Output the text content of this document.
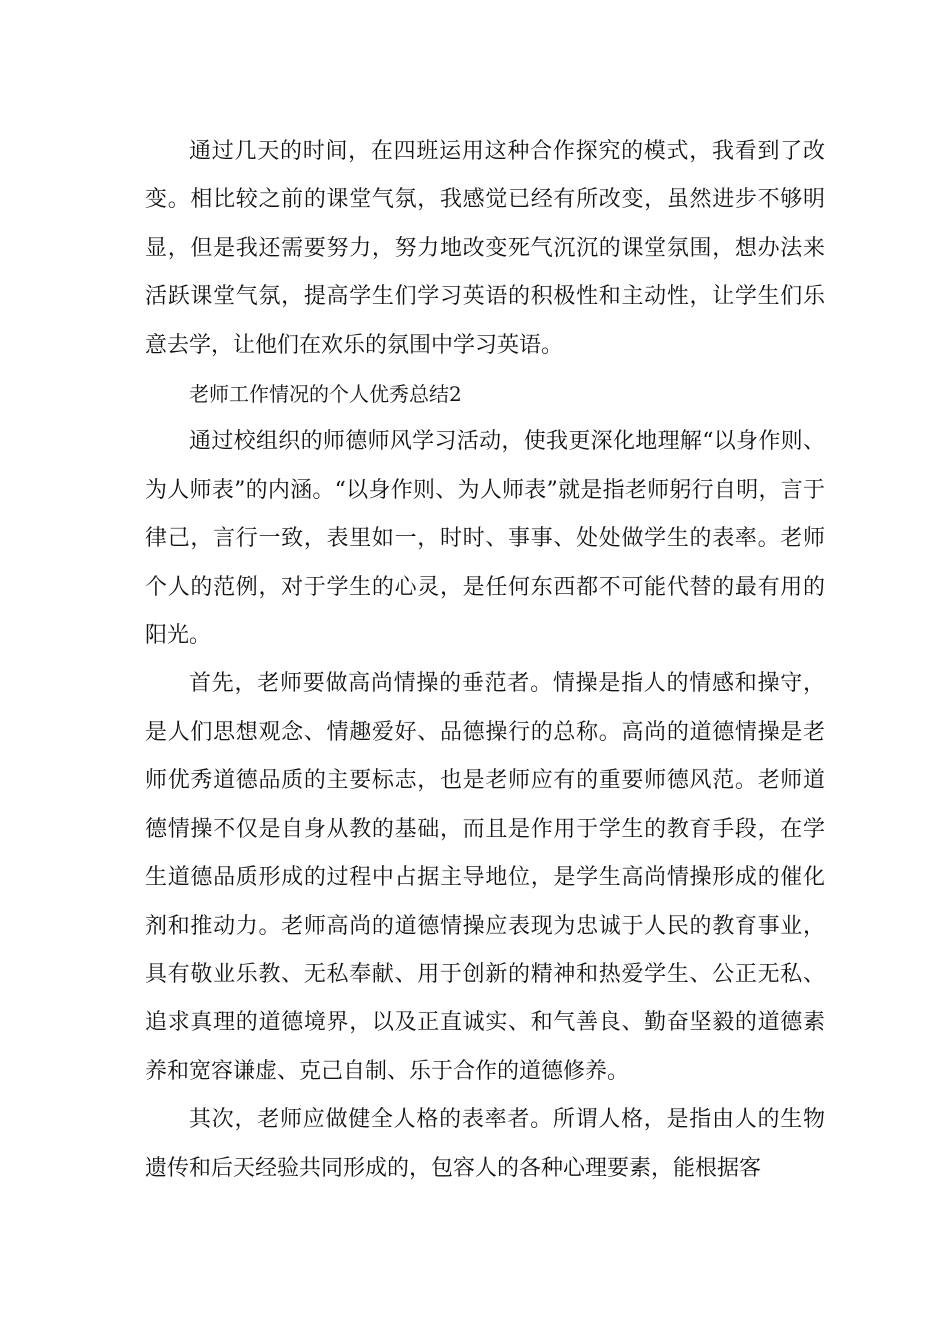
通过几天的时间，在四班运用这种合作探究的模式，我看到了改变。相比较之前的课堂气氛，我感觉已经有所改变，虽然进步不够明显，但是我还需要努力，努力地改变死气沉沉的课堂氛围，想办法来活跃课堂气氛，提高学生们学习英语的积极性和主动性，让学生们乐意去学，让他们在欢乐的氛围中学习英语。

老师工作情况的个人优秀总结2

通过校组织的师德师风学习活动，使我更深化地理解“以身作则、为人师表”的内涵。“以身作则、为人师表”就是指老师躬行自明，言于律己，言行一致，表里如一，时时、事事、处处做学生的表率。老师个人的范例，对于学生的心灵，是任何东西都不可能代替的最有用的阳光。

首先，老师要做高尚情操的垂范者。情操是指人的情感和操守，是人们思想观念、情趣爱好、品德操行的总称。高尚的道德情操是老师优秀道德品质的主要标志，也是老师应有的重要师德风范。老师道德情操不仅是自身从教的基础，而且是作用于学生的教育手段，在学生道德品质形成的过程中占据主导地位，是学生高尚情操形成的催化剂和推动力。老师高尚的道德情操应表现为忠诚于人民的教育事业，具有敬业乐教、无私奉献、用于创新的精神和热爱学生、公正无私、追求真理的道德境界，以及正直诚实、和气善良、勤奋坚毅的道德素养和宽容谦虚、克己自制、乐于合作的道德修养。

其次，老师应做健全人格的表率者。所谓人格，是指由人的生物遗传和后天经验共同形成的，包容人的各种心理要素，能根据客
